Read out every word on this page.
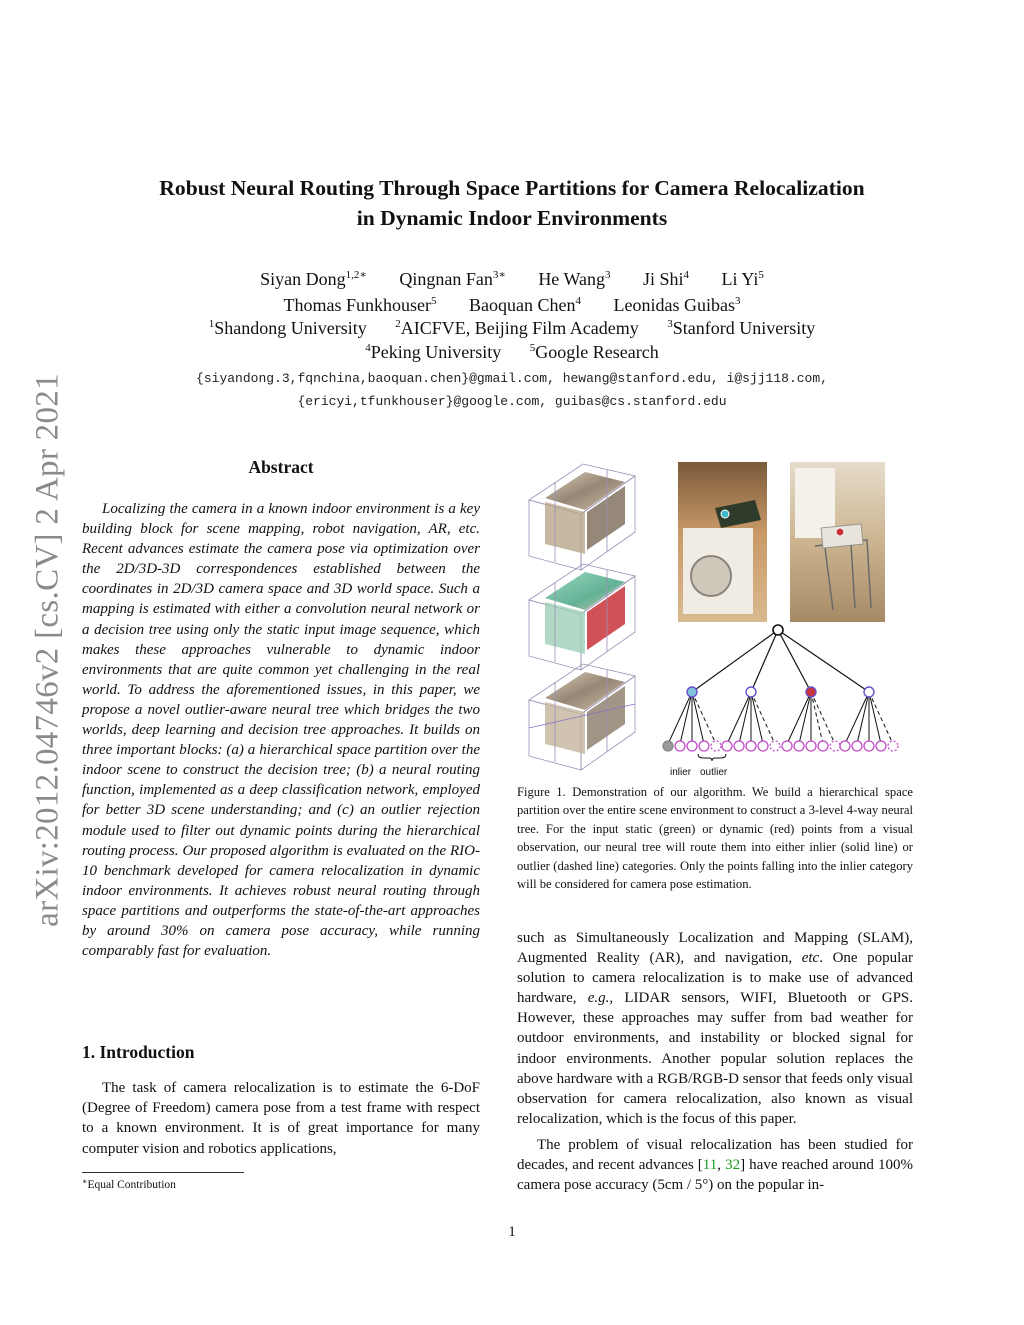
arXiv:2012.04746v2 [cs.CV] 2 Apr 2021
Robust Neural Routing Through Space Partitions for Camera Relocalization
in Dynamic Indoor Environments
Siyan Dong$^{1,2∗}$ Qingnan Fan$^{3∗}$ He Wang$^3$ Ji Shi$^4$ Li Yi$^5$
Thomas Funkhouser$^5$ Baoquan Chen$^4$ Leonidas Guibas$^3$
$^1$Shandong University	$^2$AICFVE, Beijing Film Academy	$^3$Stanford University
$^4$Peking University	$^5$Google Research
{siyandong.3,fqnchina,baoquan.chen}@gmail.com, hewang@stanford.edu, i@sjj118.com,
{ericyi,tfunkhouser}@google.com, guibas@cs.stanford.edu
Abstract
Localizing the camera in a known indoor environment is a key building block for scene mapping, robot navigation, AR, etc. Recent advances estimate the camera pose via optimization over the 2D/3D-3D correspondences established between the coordinates in 2D/3D camera space and 3D world space. Such a mapping is estimated with either a convolution neural network or a decision tree using only the static input image sequence, which makes these approaches vulnerable to dynamic indoor environments that are quite common yet challenging in the real world. To address the aforementioned issues, in this paper, we propose a novel outlier-aware neural tree which bridges the two worlds, deep learning and decision tree approaches. It builds on three important blocks: (a) a hierarchical space partition over the indoor scene to construct the decision tree; (b) a neural routing function, implemented as a deep classification network, employed for better 3D scene understanding; and (c) an outlier rejection module used to filter out dynamic points during the hierarchical routing process. Our proposed algorithm is evaluated on the RIO-10 benchmark developed for camera relocalization in dynamic indoor environments. It achieves robust neural routing through space partitions and outperforms the state-of-the-art approaches by around 30% on camera pose accuracy, while running comparably fast for evaluation.
1. Introduction
The task of camera relocalization is to estimate the 6-DoF (Degree of Freedom) camera pose from a test frame with respect to a known environment. It is of great importance for many computer vision and robotics applications,
∗Equal Contribution
inlier outlier
Figure 1. Demonstration of our algorithm. We build a hierarchical space partition over the entire scene environment to construct a 3-level 4-way neural tree. For the input static (green) or dynamic (red) points from a visual observation, our neural tree will route them into either inlier (solid line) or outlier (dashed line) categories. Only the points falling into the inlier category will be considered for camera pose estimation.

such as Simultaneously Localization and Mapping (SLAM), Augmented Reality (AR), and navigation, etc. One popular solution to camera relocalization is to make use of advanced hardware, e.g., LIDAR sensors, WIFI, Bluetooth or GPS. However, these approaches may suffer from bad weather for outdoor environments, and instability or blocked signal for indoor environments. Another popular solution replaces the above hardware with a RGB/RGB-D sensor that feeds only visual observation for camera relocalization, also known as visual relocalization, which is the focus of this paper.

The problem of visual relocalization has been studied for decades, and recent advances [11, 32] have reached around 100% camera pose accuracy (5cm / 5°) on the popular in-

1
